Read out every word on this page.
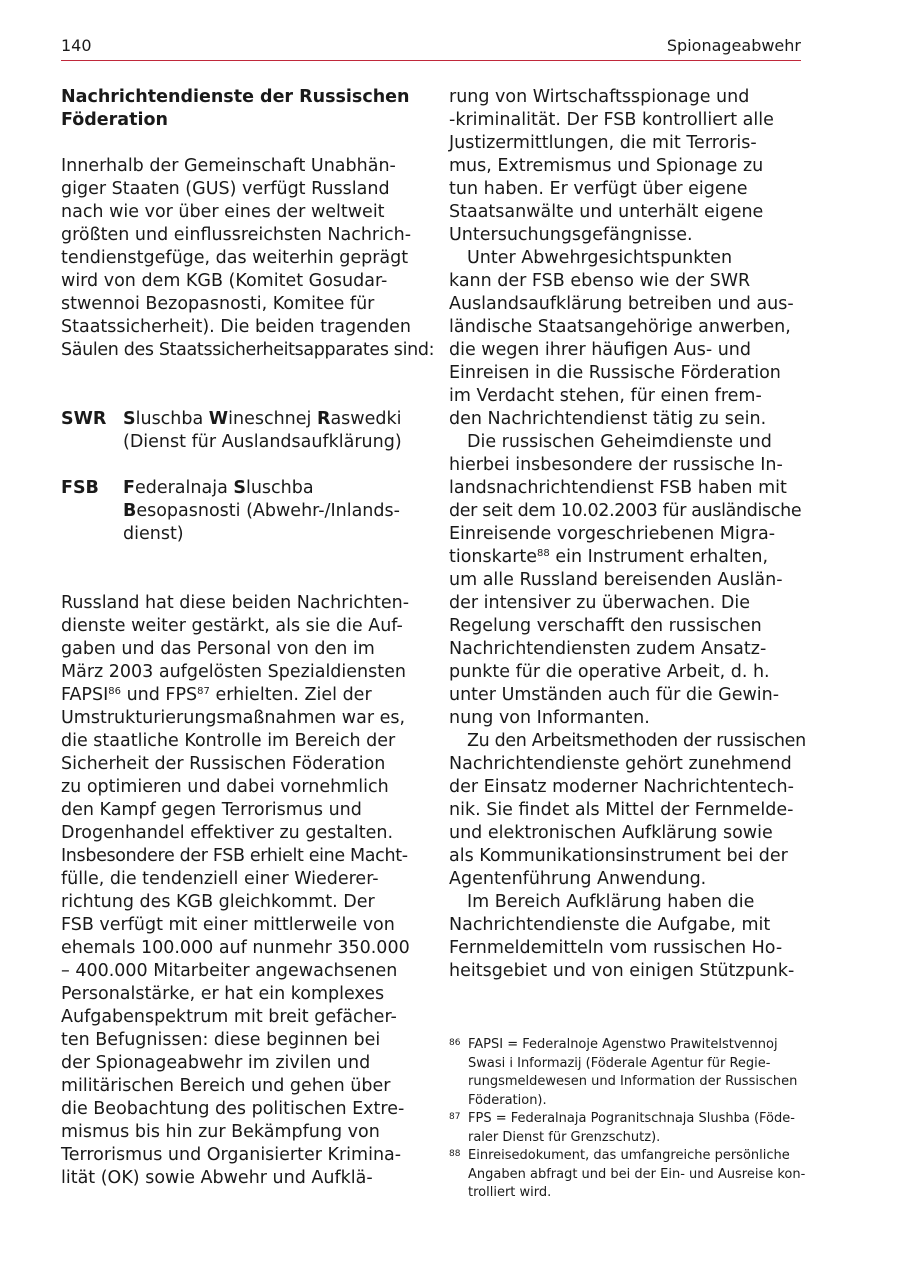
140	Spionageabwehr
Nachrichtendienste der Russischen
Föderation
Innerhalb der Gemeinschaft Unabhän-
giger Staaten (GUS) verfügt Russland
nach wie vor über eines der weltweit
größten und einflussreichsten Nachrich-
tendienstgefüge, das weiterhin geprägt
wird von dem KGB (Komitet Gosudar-
stwennoi Bezopasnosti, Komitee für
Staatssicherheit). Die beiden tragenden
Säulen des Staatssicherheitsapparates sind:
SWR Sluschba Wineschnej Raswedki
(Dienst für Auslandsaufklärung)
FSB Federalnaja Sluschba
Besopasnosti (Abwehr-/Inlands-
dienst)
Russland hat diese beiden Nachrichten-
dienste weiter gestärkt, als sie die Auf-
gaben und das Personal von den im
März 2003 aufgelösten Spezialdiensten
FAPSI$^{86}$ und FPS$^{87}$ erhielten. Ziel der
Umstrukturierungsmaßnahmen war es,
die staatliche Kontrolle im Bereich der
Sicherheit der Russischen Föderation
zu optimieren und dabei vornehmlich
den Kampf gegen Terrorismus und
Drogenhandel effektiver zu gestalten.
Insbesondere der FSB erhielt eine Macht-
fülle, die tendenziell einer Wiederer-
richtung des KGB gleichkommt. Der
FSB verfügt mit einer mittlerweile von
ehemals 100.000 auf nunmehr 350.000
– 400.000 Mitarbeiter angewachsenen
Personalstärke, er hat ein komplexes
Aufgabenspektrum mit breit gefächer-
ten Befugnissen: diese beginnen bei
der Spionageabwehr im zivilen und
militärischen Bereich und gehen über
die Beobachtung des politischen Extre-
mismus bis hin zur Bekämpfung von
Terrorismus und Organisierter Krimina-
lität (OK) sowie Abwehr und Aufklä-
rung von Wirtschaftsspionage und
-kriminalität. Der FSB kontrolliert alle
Justizermittlungen, die mit Terroris-
mus, Extremismus und Spionage zu
tun haben. Er verfügt über eigene
Staatsanwälte und unterhält eigene
Untersuchungsgefängnisse.
Unter Abwehrgesichtspunkten
kann der FSB ebenso wie der SWR
Auslandsaufklärung betreiben und aus-
ländische Staatsangehörige anwerben,
die wegen ihrer häufigen Aus- und
Einreisen in die Russische Förderation
im Verdacht stehen, für einen frem-
den Nachrichtendienst tätig zu sein.
Die russischen Geheimdienste und
hierbei insbesondere der russische In-
landsnachrichtendienst FSB haben mit
der seit dem 10.02.2003 für ausländische
Einreisende vorgeschriebenen Migra-
tionskarte$^{88}$ ein Instrument erhalten,
um alle Russland bereisenden Auslän-
der intensiver zu überwachen. Die
Regelung verschafft den russischen
Nachrichtendiensten zudem Ansatz-
punkte für die operative Arbeit, d. h.
unter Umständen auch für die Gewin-
nung von Informanten.
Zu den Arbeitsmethoden der russischen
Nachrichtendienste gehört zunehmend
der Einsatz moderner Nachrichtentech-
nik. Sie findet als Mittel der Fernmelde-
und elektronischen Aufklärung sowie
als Kommunikationsinstrument bei der
Agentenführung Anwendung.
Im Bereich Aufklärung haben die
Nachrichtendienste die Aufgabe, mit
Fernmeldemitteln vom russischen Ho-
heitsgebiet und von einigen Stützpunk-
86 FAPSI = Federalnoje Agenstwo Prawitelstvennoj
Swasi i Informazij (Föderale Agentur für Regie-
rungsmeldewesen und Information der Russischen
Föderation).
87 FPS = Federalnaja Pogranitschnaja Slushba (Föde-
raler Dienst für Grenzschutz).
88 Einreisedokument, das umfangreiche persönliche
Angaben abfragt und bei der Ein- und Ausreise kon-
trolliert wird.
